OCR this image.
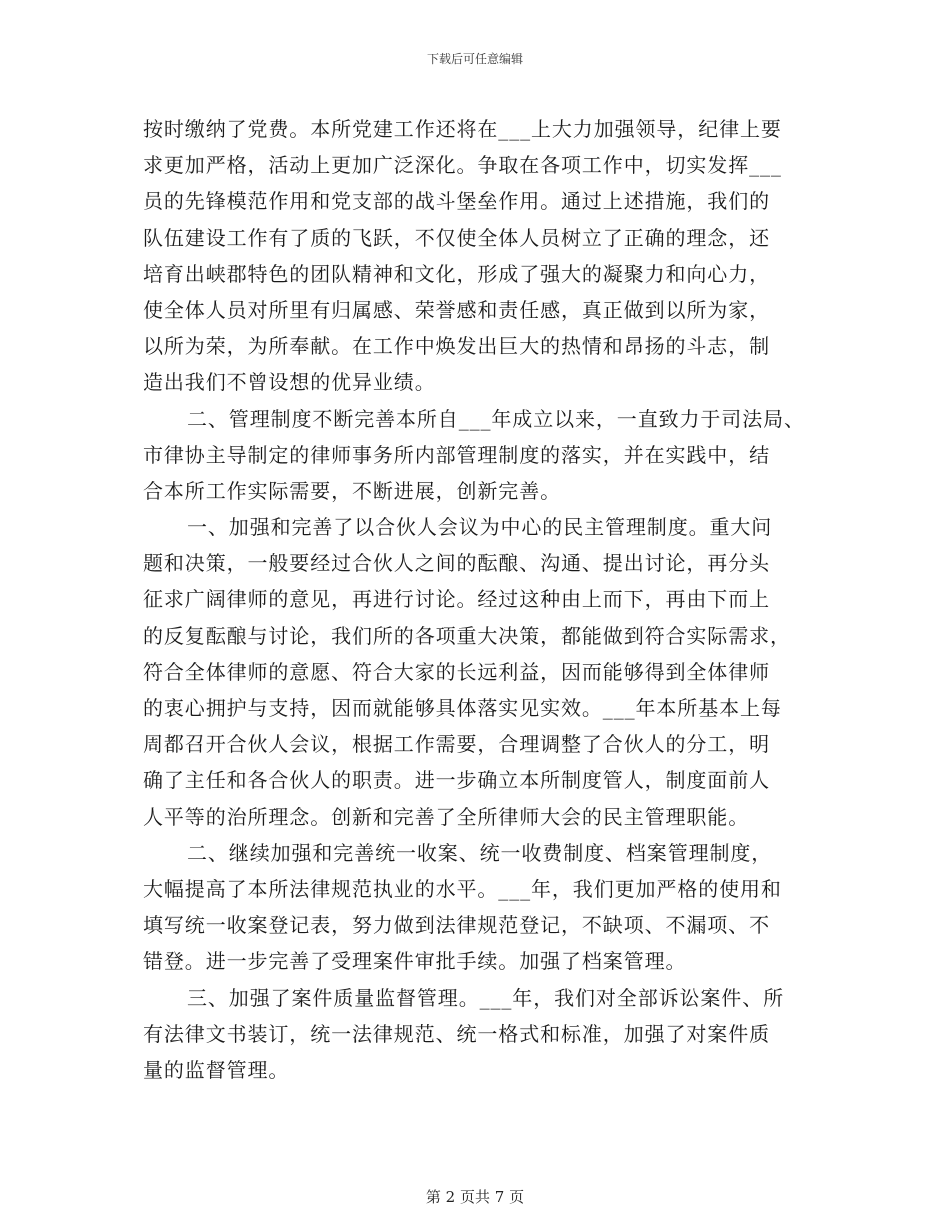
下载后可任意编辑
按时缴纳了党费。本所党建工作还将在___上大力加强领导，纪律上要
求更加严格，活动上更加广泛深化。争取在各项工作中，切实发挥___
员的先锋模范作用和党支部的战斗堡垒作用。通过上述措施，我们的
队伍建设工作有了质的飞跃，不仅使全体人员树立了正确的理念，还
培育出峡郡特色的团队精神和文化，形成了强大的凝聚力和向心力，
使全体人员对所里有归属感、荣誉感和责任感，真正做到以所为家，
以所为荣，为所奉献。在工作中焕发出巨大的热情和昂扬的斗志，制
造出我们不曾设想的优异业绩。
二、管理制度不断完善本所自___年成立以来，一直致力于司法局、
市律协主导制定的律师事务所内部管理制度的落实，并在实践中，结
合本所工作实际需要，不断进展，创新完善。
一、加强和完善了以合伙人会议为中心的民主管理制度。重大问
题和决策，一般要经过合伙人之间的酝酿、沟通、提出讨论，再分头
征求广阔律师的意见，再进行讨论。经过这种由上而下，再由下而上
的反复酝酿与讨论，我们所的各项重大决策，都能做到符合实际需求，
符合全体律师的意愿、符合大家的长远利益，因而能够得到全体律师
的衷心拥护与支持，因而就能够具体落实见实效。___年本所基本上每
周都召开合伙人会议，根据工作需要，合理调整了合伙人的分工，明
确了主任和各合伙人的职责。进一步确立本所制度管人，制度面前人
人平等的治所理念。创新和完善了全所律师大会的民主管理职能。
二、继续加强和完善统一收案、统一收费制度、档案管理制度，
大幅提高了本所法律规范执业的水平。___年，我们更加严格的使用和
填写统一收案登记表，努力做到法律规范登记，不缺项、不漏项、不
错登。进一步完善了受理案件审批手续。加强了档案管理。
三、加强了案件质量监督管理。___年，我们对全部诉讼案件、所
有法律文书装订，统一法律规范、统一格式和标准，加强了对案件质
量的监督管理。
第 2 页共 7 页
